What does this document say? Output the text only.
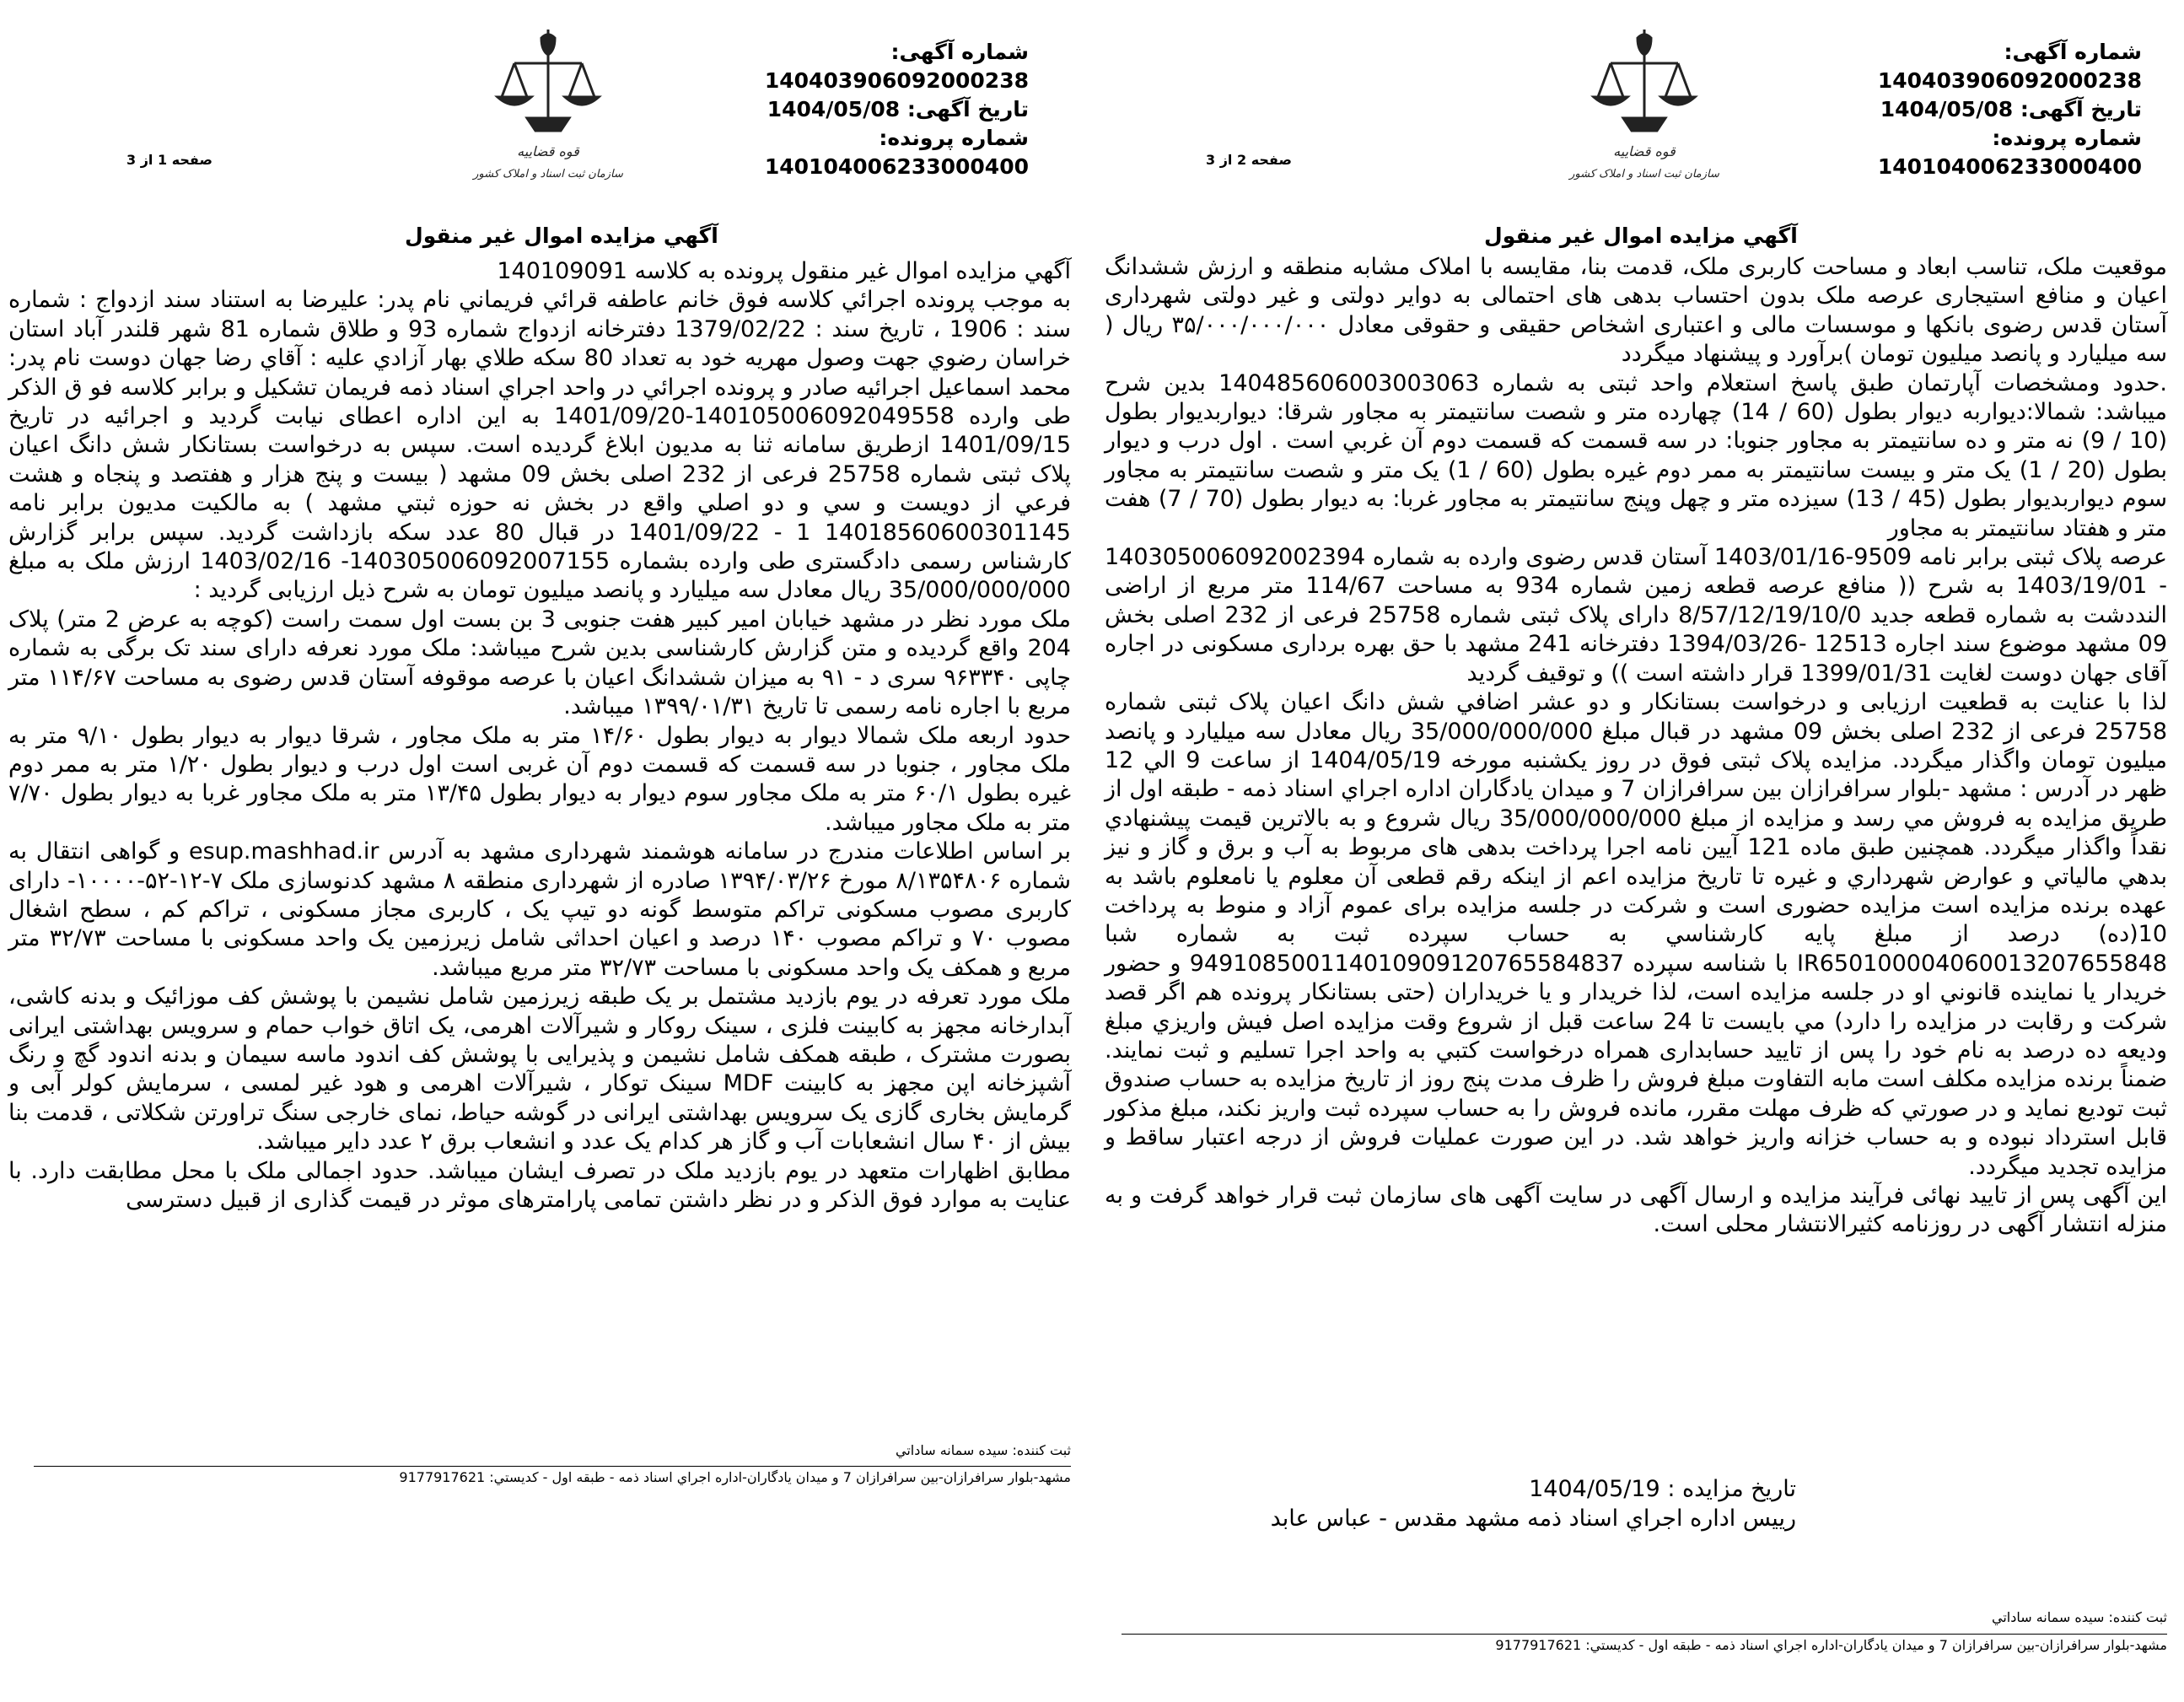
شماره آگهی: 140403906092000238
تاریخ آگهی: 1404/05/08
شماره پرونده: 140104006233000400
قوه قضاییه
سازمان ثبت اسناد و املاک کشور
صفحه 1 از 3
آگهي مزايده اموال غير منقول

آگهي مزايده اموال غير منقول پرونده به کلاسه 140109091

به موجب پرونده اجرائي كلاسه فوق خانم عاطفه قرائي فريماني نام پدر: عليرضا به استناد سند ازدواج : شماره سند : 1906 ، تاریخ سند : 1379/02/22 دفترخانه ازدواج شماره 93 و طلاق شماره 81 شهر قلندر آباد استان خراسان رضوي جهت وصول مهريه خود به تعداد 80 سكه طلاي بهار آزادي عليه : آقاي رضا جهان دوست نام پدر: محمد اسماعيل اجرائيه صادر و پرونده اجرائي در واحد اجراي اسناد ذمه فريمان تشكيل و برابر كلاسه فو ق الذكر طی وارده 140105006092049558-1401/09/20 به اين اداره اعطای نيابت گرديد و اجرائيه در تاريخ 1401/09/15 ازطريق سامانه ثنا به مديون ابلاغ گرديده است. سپس به درخواست بستانكار شش دانگ اعيان پلاک ثبتی شماره 25758 فرعی از 232 اصلی بخش 09 مشهد ( بيست و پنج هزار و هفتصد و پنجاه و هشت فرعي از دويست و سي و دو اصلي واقع در بخش نه حوزه ثبتي مشهد ) به مالكيت مديون برابر نامه 14018560600301145 1 - 1401/09/22 در قبال 80 عدد سكه بازداشت گرديد. سپس برابر گزارش كارشناس رسمی دادگستری طی وارده بشماره 140305006092007155- 1403/02/16 ارزش ملک به مبلغ 35/000/000/000 ريال معادل سه ميلیارد و پانصد ميليون تومان به شرح ذيل ارزيابی گرديد :

ملک مورد نظر در مشهد خيابان امير كبير هفت جنوبی 3 بن بست اول سمت راست (کوچه به عرض 2 متر) پلاک 204 واقع گرديده و متن گزارش كارشناسی بدين شرح ميباشد: ملک مورد نعرفه دارای سند تک برگی به شماره چاپی ۹۶۳۳۴۰ سری د - ۹۱ به ميزان ششدانگ اعيان با عرصه موقوفه آستان قدس رضوی به مساحت ۱۱۴/۶۷ متر مربع با اجاره نامه رسمی تا تاريخ ۱۳۹۹/۰۱/۳۱ ميباشد.

حدود اربعه ملک شمالا ديوار به ديوار بطول ۱۴/۶۰ متر به ملک مجاور ، شرقا ديوار به ديوار بطول ۹/۱۰ متر به ملک مجاور ، جنوبا در سه قسمت كه قسمت دوم آن غربی است اول درب و ديوار بطول ۱/۲۰ متر به ممر دوم غيره بطول ۶۰/۱ متر به ملک مجاور سوم ديوار به ديوار بطول ۱۳/۴۵ متر به ملک مجاور غربا به ديوار بطول ۷/۷۰ متر به ملک مجاور ميباشد.

بر اساس اطلاعات مندرج در سامانه هوشمند شهرداری مشهد به آدرس esup.mashhad.ir و گواهی انتقال به شماره ۸/۱۳۵۴۸۰۶ مورخ ۱۳۹۴/۰۳/۲۶ صادره از شهرداری منطقه ۸ مشهد كدنوسازی ملک ۷-۱۲-۵۲-۱۰۰۰۰- دارای كاربری مصوب مسكونی تراكم متوسط گونه دو تيپ يک ، كاربری مجاز مسكونی ، تراكم كم ، سطح اشغال مصوب ۷۰ و تراكم مصوب ۱۴۰ درصد و اعيان احداثی شامل زيرزمين يک واحد مسكونی با مساحت ۳۲/۷۳ متر مربع و همكف يک واحد مسكونی با مساحت ۳۲/۷۳ متر مربع ميباشد.

ملک مورد تعرفه در يوم بازديد مشتمل بر يک طبقه زيرزمين شامل نشيمن با پوشش كف موزائيک و بدنه كاشی، آبدارخانه مجهز به كابينت فلزی ، سينک روكار و شيرآلات اهرمی، يک اتاق خواب حمام و سرويس بهداشتی ايرانی بصورت مشترک ، طبقه همكف شامل نشيمن و پذيرايی با پوشش كف اندود ماسه سيمان و بدنه اندود گچ و رنگ آشپزخانه اپن مجهز به كابينت MDF سينک توكار ، شيرآلات اهرمی و هود غير لمسی ، سرمايش كولر آبی و گرمايش بخاری گازی يک سرويس بهداشتی ايرانی در گوشه حياط، نمای خارجی سنگ تراورتن شكلاتی ، قدمت بنا بيش از ۴۰ سال انشعابات آب و گاز هر كدام يک عدد و انشعاب برق ۲ عدد داير ميباشد.

مطابق اظهارات متعهد در يوم بازديد ملک در تصرف ايشان ميباشد. حدود اجمالی ملک با محل مطابقت دارد. با عنايت به موارد فوق الذكر و در نظر داشتن تمامی پارامترهای موثر در قيمت گذاری از قبيل دسترسی

ثبت كننده: سيده سمانه ساداتي
مشهد-بلوار سرافرازان-بين سرافرازان 7 و ميدان يادگاران-اداره اجراي اسناد ذمه - طبقه اول - كديستي: 9177917621
شماره آگهی: 140403906092000238
تاریخ آگهی: 1404/05/08
شماره پرونده: 140104006233000400
قوه قضاییه
سازمان ثبت اسناد و املاک کشور
صفحه 2 از 3
آگهي مزايده اموال غير منقول

موقعيت ملک، تناسب ابعاد و مساحت كاربری ملک، قدمت بنا، مقايسه با املاک مشابه منطقه و ارزش ششدانگ اعيان و منافع استيجاری عرصه ملک بدون احتساب بدهی های احتمالی به دواير دولتی و غير دولتی شهرداری آستان قدس رضوی بانكها و موسسات مالی و اعتباری اشخاص حقيقی و حقوقی معادل ۳۵/۰۰۰/۰۰۰/۰۰۰ ريال ( سه ميليارد و پانصد ميليون تومان )برآورد و پيشنهاد ميگردد

.حدود ومشخصات آپارتمان طبق پاسخ استعلام واحد ثبتی به شماره 140485606003003063 بدين شرح ميباشد: شمالا:ديواربه ديوار بطول (60 / 14) چهارده متر و شصت سانتيمتر به مجاور شرقا: ديواربديوار بطول (10 / 9) نه متر و ده سانتيمتر به مجاور جنوبا: در سه قسمت كه قسمت دوم آن غربي است . اول درب و ديوار بطول (20 / 1) يک متر و بيست سانتيمتر به ممر دوم غيره بطول (60 / 1) يک متر و شصت سانتيمتر به مجاور سوم ديواربديوار بطول (45 / 13) سيزده متر و چهل وپنج سانتيمتر به مجاور غربا: به ديوار بطول (70 / 7) هفت متر و هفتاد سانتيمتر به مجاور

عرصه پلاک ثبتی برابر نامه 9509-1403/01/16 آستان قدس رضوی وارده به شماره 140305006092002394 - 1403/19/01 به شرح (( منافع عرصه قطعه زمين شماره 934 به مساحت 114/67 متر مربع از اراضی النددشت به شماره قطعه جديد 8/57/12/19/10/0 دارای پلاک ثبتی شماره 25758 فرعی از 232 اصلی بخش 09 مشهد موضوع سند اجاره 12513 -1394/03/26 دفترخانه 241 مشهد با حق بهره برداری مسكونی در اجاره آقای جهان دوست لغايت 1399/01/31 قرار داشته است )) و توقيف گرديد

لذا با عنايت به قطعيت ارزيابی و درخواست بستانكار و دو عشر اضافي شش دانگ اعيان پلاک ثبتی شماره 25758 فرعی از 232 اصلی بخش 09 مشهد در قبال مبلغ 35/000/000/000 ريال معادل سه ميليارد و پانصد ميليون تومان واگذار ميگردد. مزايده پلاک ثبتی فوق در روز يكشنبه مورخه 1404/05/19 از ساعت 9 الي 12 ظهر در آدرس : مشهد -بلوار سرافرازان بين سرافرازان 7 و ميدان يادگاران اداره اجراي اسناد ذمه - طبقه اول از طريق مزايده به فروش مي رسد و مزايده از مبلغ 35/000/000/000 ريال شروع و به بالاترين قيمت پيشنهادي نقداً واگذار ميگردد. همچنين طبق ماده 121 آيين نامه اجرا پرداخت بدهی های مربوط به آب و برق و گاز و نيز بدهي مالياتي و عوارض شهرداري و غيره تا تاريخ مزايده اعم از اينكه رقم قطعی آن معلوم يا نامعلوم باشد به عهده برنده مزايده است مزايده حضوری است و شركت در جلسه مزايده برای عموم آزاد و منوط به پرداخت 10(ده) درصد از مبلغ پايه كارشناسي به حساب سپرده ثبت به شماره شبا IR650100004060013207655848 با شناسه سپرده 949108500114010909120765584837 و حضور خريدار يا نماينده قانوني او در جلسه مزايده است، لذا خريدار و يا خريداران (حتی بستانكار پرونده هم اگر قصد شركت و رقابت در مزايده را دارد) مي بايست تا 24 ساعت قبل از شروع وقت مزايده اصل فيش واريزي مبلغ وديعه ده درصد به نام خود را پس از تاييد حسابداری همراه درخواست كتبي به واحد اجرا تسليم و ثبت نمايند. ضمناً برنده مزايده مكلف است مابه التفاوت مبلغ فروش را ظرف مدت پنج روز از تاريخ مزايده به حساب صندوق ثبت توديع نمايد و در صورتي كه ظرف مهلت مقرر، مانده فروش را به حساب سپرده ثبت واريز نكند، مبلغ مذكور قابل استرداد نبوده و به حساب خزانه واريز خواهد شد. در اين صورت عمليات فروش از درجه اعتبار ساقط و مزايده تجديد ميگردد.

اين آگهی پس از تاييد نهائی فرآيند مزايده و ارسال آگهی در سايت آگهی های سازمان ثبت قرار خواهد گرفت و به منزله انتشار آگهی در روزنامه كثيرالانتشار محلی است.

تاريخ مزايده : 1404/05/19
رييس اداره اجراي اسناد ذمه مشهد مقدس - عباس عابد
ثبت كننده: سيده سمانه ساداتي
مشهد-بلوار سرافرازان-بين سرافرازان 7 و ميدان يادگاران-اداره اجراي اسناد ذمه - طبقه اول - كديستي: 9177917621
